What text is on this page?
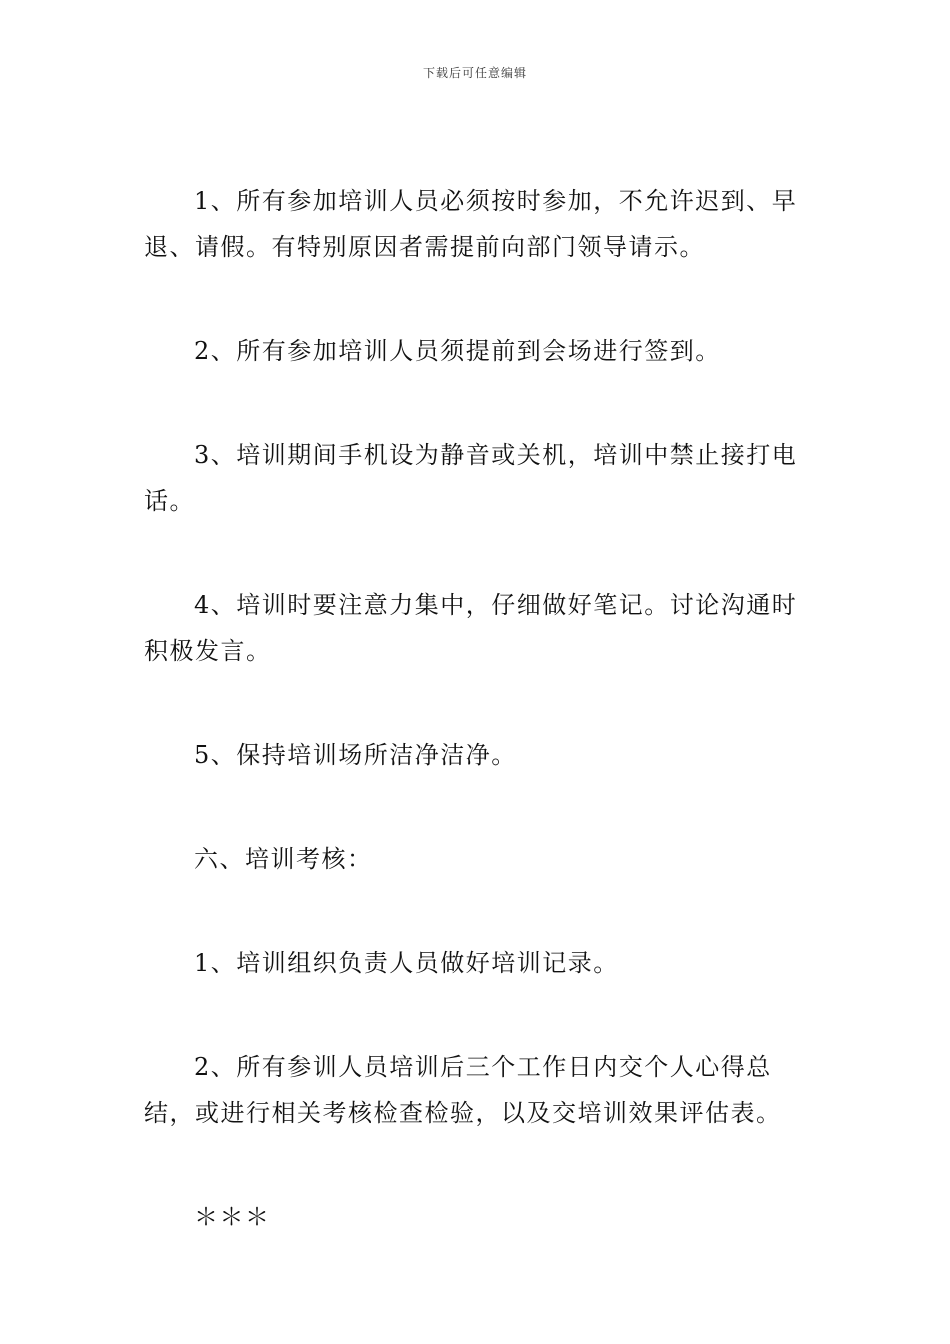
下载后可任意编辑

1、所有参加培训人员必须按时参加，不允许迟到、早退、请假。有特别原因者需提前向部门领导请示。

2、所有参加培训人员须提前到会场进行签到。

3、培训期间手机设为静音或关机，培训中禁止接打电话。

4、培训时要注意力集中，仔细做好笔记。讨论沟通时积极发言。

5、保持培训场所洁净洁净。

六、培训考核：

1、培训组织负责人员做好培训记录。

2、所有参训人员培训后三个工作日内交个人心得总结，或进行相关考核检查检验，以及交培训效果评估表。

＊＊＊
